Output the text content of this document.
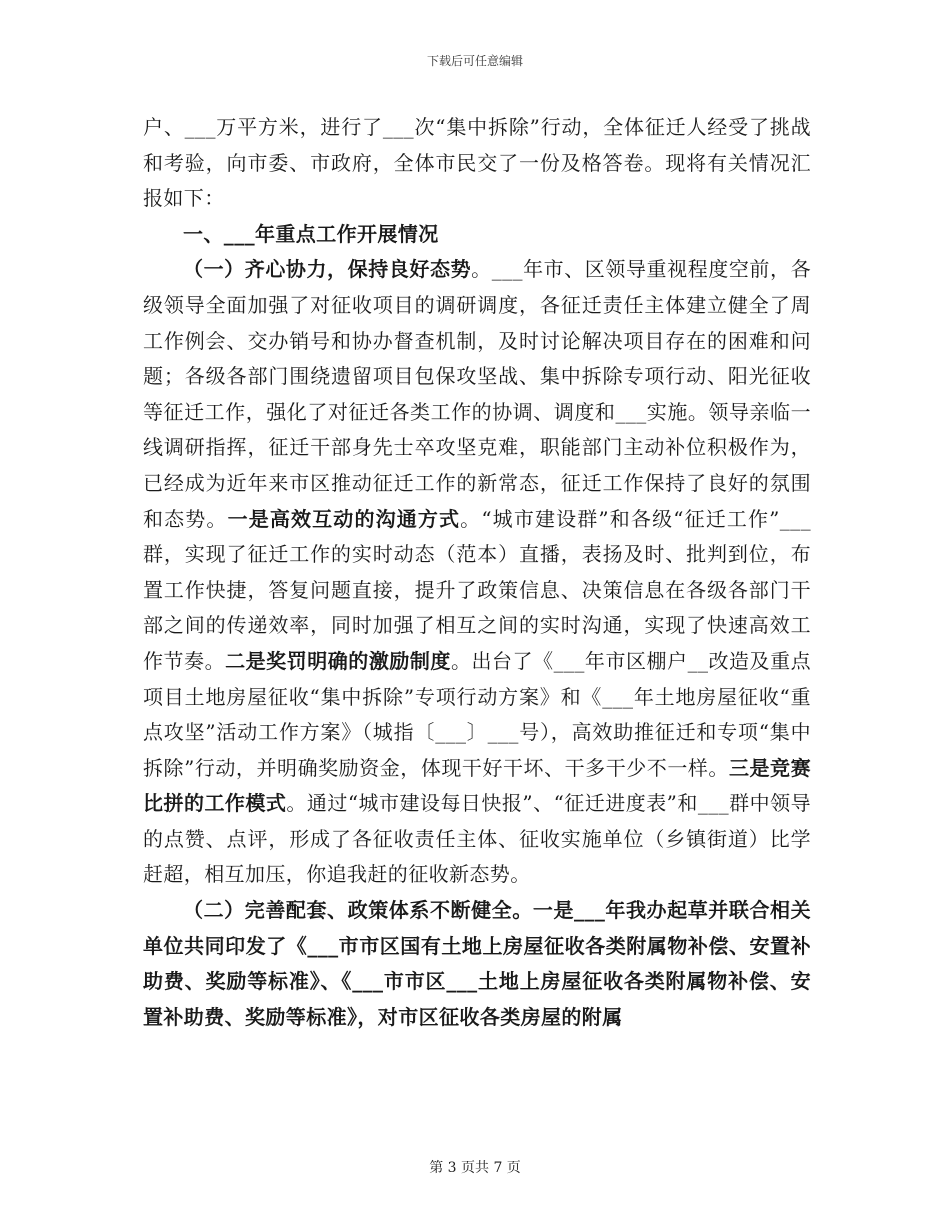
下载后可任意编辑

户、___万平方米，进行了___次“集中拆除”行动，全体征迁人经受了挑战和考验，向市委、市政府，全体市民交了一份及格答卷。现将有关情况汇报如下：

一、___年重点工作开展情况

（一）齐心协力，保持良好态势。___年市、区领导重视程度空前，各级领导全面加强了对征收项目的调研调度，各征迁责任主体建立健全了周工作例会、交办销号和协办督查机制，及时讨论解决项目存在的困难和问题；各级各部门围绕遗留项目包保攻坚战、集中拆除专项行动、阳光征收等征迁工作，强化了对征迁各类工作的协调、调度和___实施。领导亲临一线调研指挥，征迁干部身先士卒攻坚克难，职能部门主动补位积极作为，已经成为近年来市区推动征迁工作的新常态，征迁工作保持了良好的氛围和态势。一是高效互动的沟通方式。“城市建设群”和各级“征迁工作”___群，实现了征迁工作的实时动态（范本）直播，表扬及时、批判到位，布置工作快捷，答复问题直接，提升了政策信息、决策信息在各级各部门干部之间的传递效率，同时加强了相互之间的实时沟通，实现了快速高效工作节奏。二是奖罚明确的激励制度。出台了《___年市区棚户__改造及重点项目土地房屋征收“集中拆除”专项行动方案》和《___年土地房屋征收“重点攻坚”活动工作方案》（城指〔___〕___号），高效助推征迁和专项“集中拆除”行动，并明确奖励资金，体现干好干坏、干多干少不一样。三是竞赛比拼的工作模式。通过“城市建设每日快报”、“征迁进度表”和___群中领导的点赞、点评，形成了各征收责任主体、征收实施单位（乡镇街道）比学赶超，相互加压，你追我赶的征收新态势。

（二）完善配套、政策体系不断健全。一是___年我办起草并联合相关单位共同印发了《___市市区国有土地上房屋征收各类附属物补偿、安置补助费、奖励等标准》、《___市市区___土地上房屋征收各类附属物补偿、安置补助费、奖励等标准》，对市区征收各类房屋的附属

第 3 页共 7 页
